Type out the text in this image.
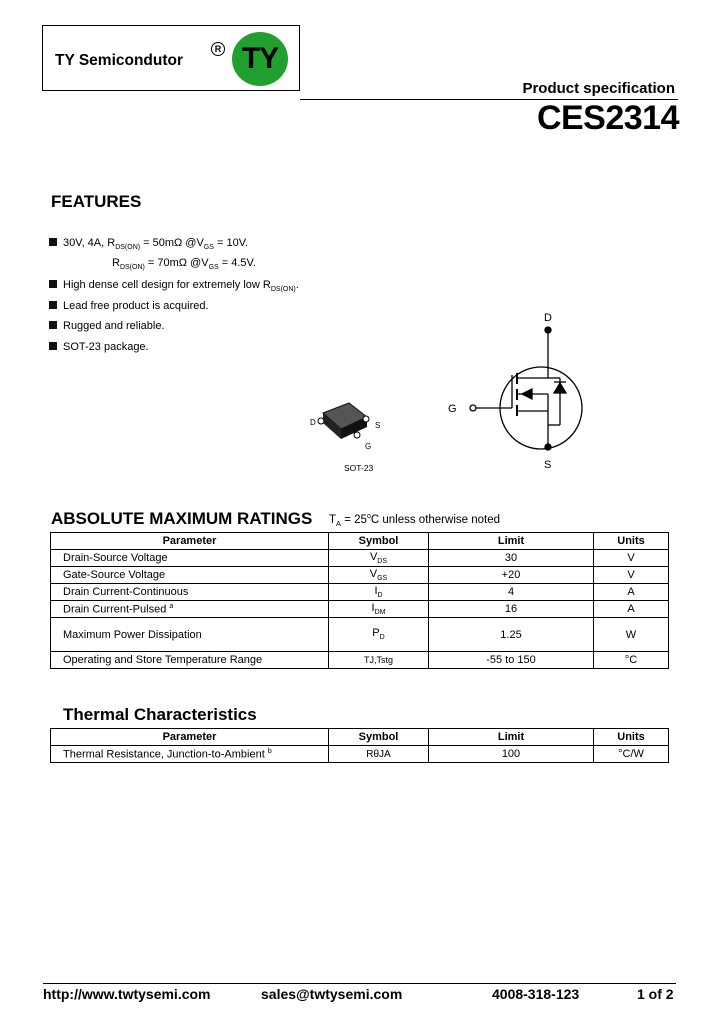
TY Semicondutor
R TY
Product specification
CES2314
FEATURES
30V, 4A, $R_{DS(ON)} = 50m\Omega$ $@V_{GS} = 10V$.
$R_{DS(ON)} = 70m\Omega$ $@V_{GS} = 4.5V$.
High dense cell design for extremely low $R_{DS(ON)}$.
Lead free product is acquired.
Rugged and reliable.
SOT-23 package.
D	S
G
SOT-23
D
G
S
ABSOLUTE MAXIMUM RATINGS $T_A = 25^oC$ unless otherwise noted
Parameter	Symbol	Limit	Units
Drain-Source Voltage	$V_{DS}$	30	V
Gate-Source Voltage	$V_{GS}$	+20	V
Drain Current-Continuous	$I_D$	4	A
Drain Current-Pulsed $^a$	$I_{DM}$	16	A
Maximum Power Dissipation	$P_D$	1.25	W
Operating and Store Temperature Range	TJ,Tstg	-55 to 150	°C
Thermal Characteristics
Parameter	Symbol	Limit	Units
Thermal Resistance, Junction-to-Ambient $^b$	RθJA	100	°C/W
http://www.twtysemi.com	sales@twtysemi.com	4008-318-123	1 of 2
